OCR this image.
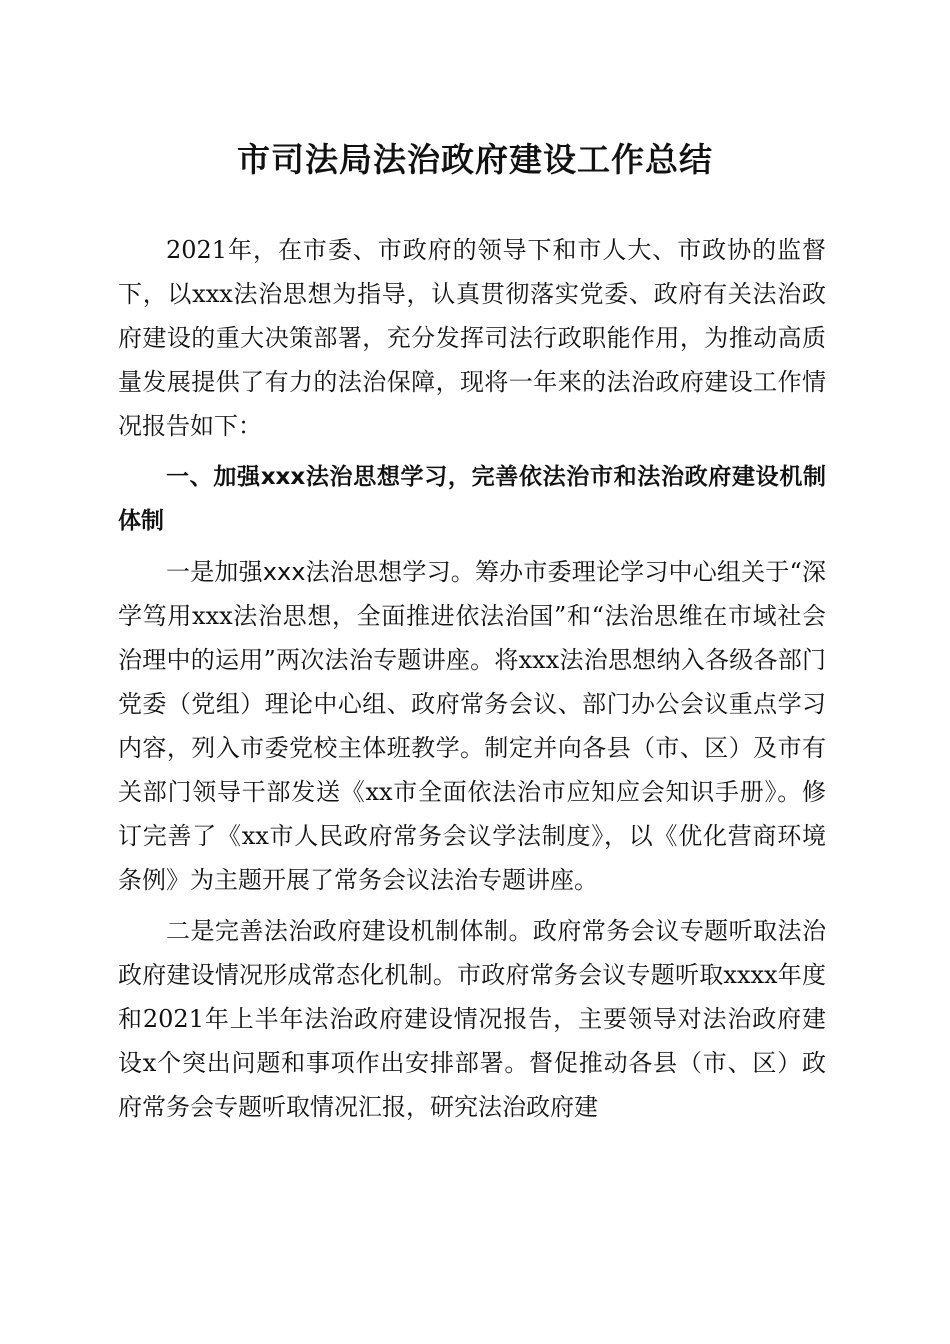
市司法局法治政府建设工作总结

2021年，在市委、市政府的领导下和市人大、市政协的监督下，以xxx法治思想为指导，认真贯彻落实党委、政府有关法治政府建设的重大决策部署，充分发挥司法行政职能作用，为推动高质量发展提供了有力的法治保障，现将一年来的法治政府建设工作情况报告如下：

一、加强xxx法治思想学习，完善依法治市和法治政府建设机制体制

一是加强xxx法治思想学习。筹办市委理论学习中心组关于“深学笃用xxx法治思想，全面推进依法治国”和“法治思维在市域社会治理中的运用”两次法治专题讲座。将xxx法治思想纳入各级各部门党委（党组）理论中心组、政府常务会议、部门办公会议重点学习内容，列入市委党校主体班教学。制定并向各县（市、区）及市有关部门领导干部发送《xx市全面依法治市应知应会知识手册》。修订完善了《xx市人民政府常务会议学法制度》，以《优化营商环境条例》为主题开展了常务会议法治专题讲座。

二是完善法治政府建设机制体制。政府常务会议专题听取法治政府建设情况形成常态化机制。市政府常务会议专题听取xxxx年度和2021年上半年法治政府建设情况报告，主要领导对法治政府建设x个突出问题和事项作出安排部署。督促推动各县（市、区）政府常务会专题听取情况汇报，研究法治政府建
